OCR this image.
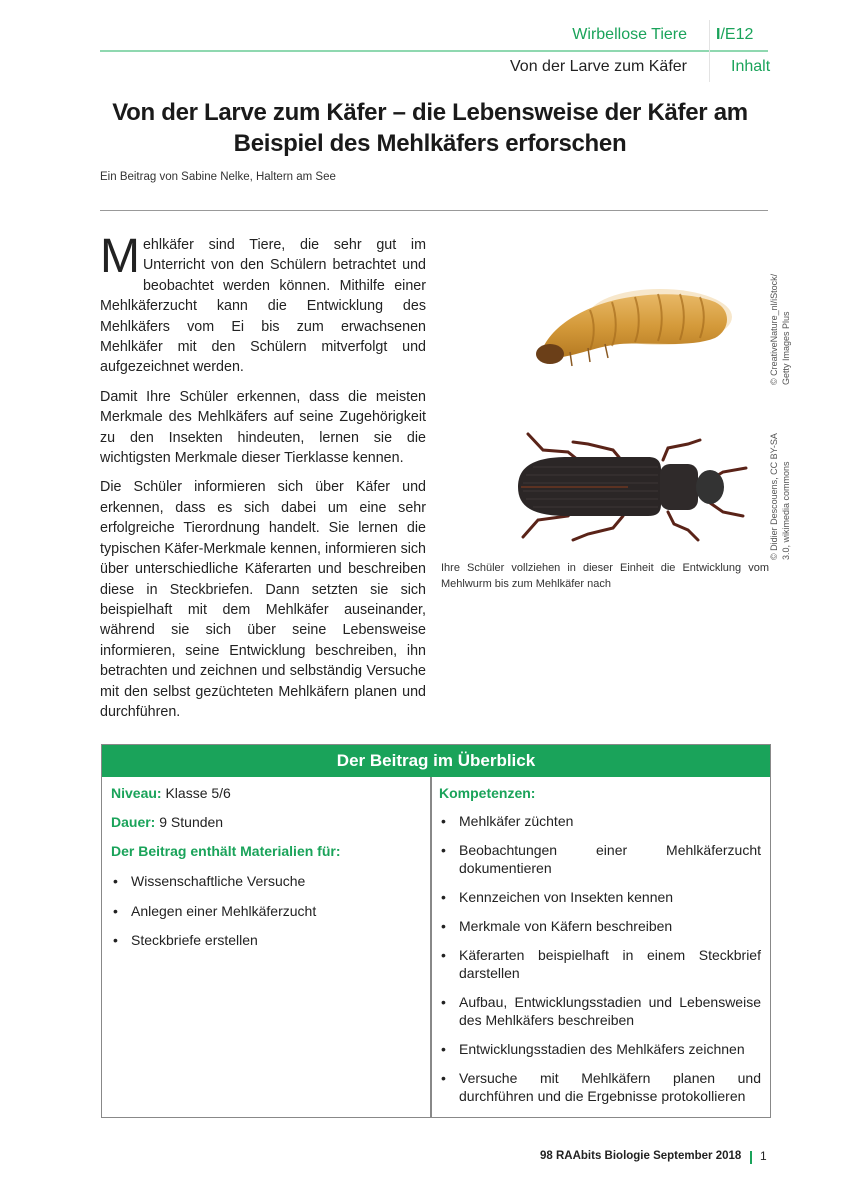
Wirbellose Tiere I/E12
Von der Larve zum Käfer	Inhalt
Von der Larve zum Käfer – die Lebensweise der Käfer am Beispiel des Mehlkäfers erforschen
Ein Beitrag von Sabine Nelke, Haltern am See

Mehlkäfer sind Tiere, die sehr gut im Unterricht von den Schülern betrachtet und beobachtet werden können. Mithilfe einer Mehlkäferzucht kann die Entwicklung des Mehlkäfers vom Ei bis zum erwachsenen Mehlkäfer mit den Schülern mitverfolgt und aufgezeichnet werden.

Damit Ihre Schüler erkennen, dass die meisten Merkmale des Mehlkäfers auf seine Zugehörigkeit zu den Insekten hindeuten, lernen sie die wichtigsten Merkmale dieser Tierklasse kennen.

Die Schüler informieren sich über Käfer und erkennen, dass es sich dabei um eine sehr erfolgreiche Tierordnung handelt. Sie lernen die typischen Käfer-Merkmale kennen, informieren sich über unterschiedliche Käferarten und beschreiben diese in Steckbriefen. Dann setzten sie sich beispielhaft mit dem Mehlkäfer auseinander, während sie sich über seine Lebensweise informieren, seine Entwicklung beschreiben, ihn betrachten und zeichnen und selbständig Versuche mit den selbst gezüchteten Mehlkäfern planen und durchführen.

© CreativeNature_nl/iStock/ Getty Images Plus
© Didier Descouens, CC BY-SA 3.0, wikimedia commons
Ihre Schüler vollziehen in dieser Einheit die Entwicklung vom Mehlwurm bis zum Mehlkäfer nach
Der Beitrag im Überblick
Niveau: Klasse 5/6
Dauer: 9 Stunden
Der Beitrag enthält Materialien für:
• Wissenschaftliche Versuche
• Anlegen einer Mehlkäferzucht
• Steckbriefe erstellen
Kompetenzen:
• Mehlkäfer züchten
• Beobachtungen einer Mehlkäferzucht dokumentieren
• Kennzeichen von Insekten kennen
• Merkmale von Käfern beschreiben
• Käferarten beispielhaft in einem Steckbrief darstellen
• Aufbau, Entwicklungsstadien und Lebensweise des Mehlkäfers beschreiben
• Entwicklungsstadien des Mehlkäfers zeichnen
• Versuche mit Mehlkäfern planen und durchführen und die Ergebnisse protokollieren
98 RAAbits Biologie September 2018 1
